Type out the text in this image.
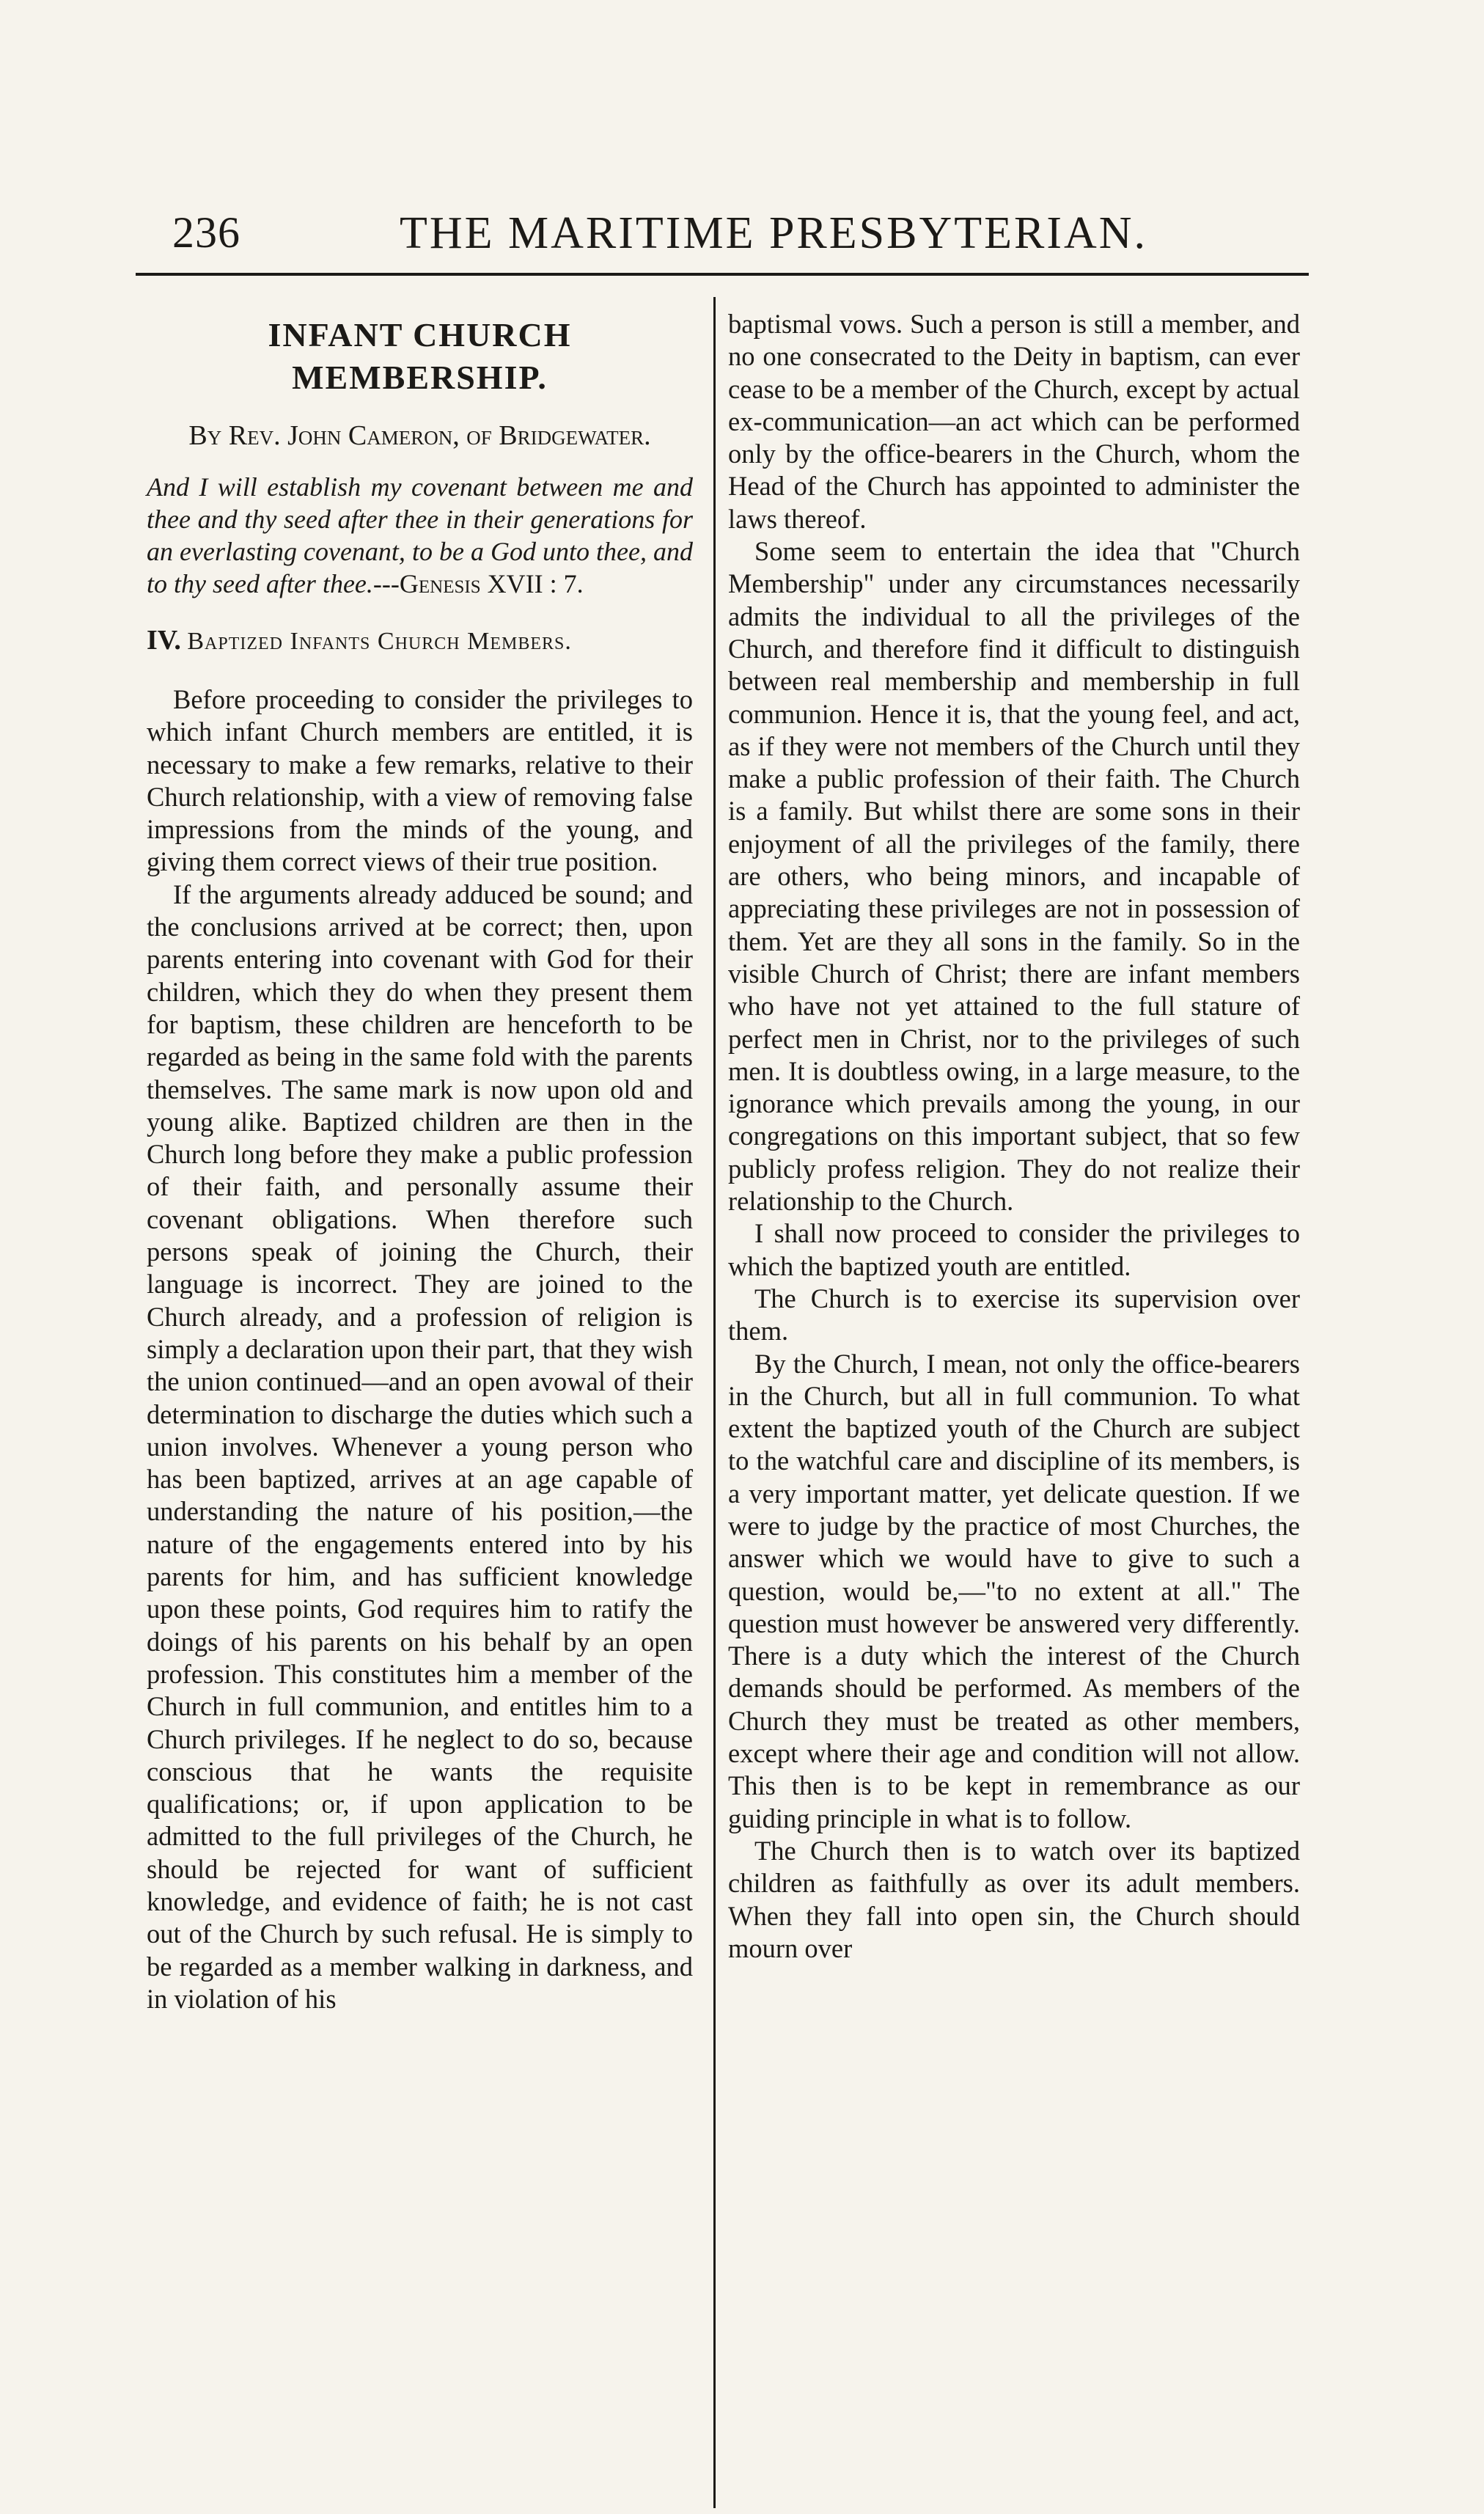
236	THE MARITIME PRESBYTERIAN.
INFANT CHURCH MEMBERSHIP.
By Rev. John Cameron, of Bridgewater.
And I will establish my covenant between me and thee and thy seed after thee in their generations for an everlasting covenant, to be a God unto thee, and to thy seed after thee.---Genesis XVII : 7.
IV. Baptized Infants Church Members.

Before proceeding to consider the privileges to which infant Church members are entitled, it is necessary to make a few remarks, relative to their Church relationship, with a view of removing false impressions from the minds of the young, and giving them correct views of their true position.

If the arguments already adduced be sound; and the conclusions arrived at be correct; then, upon parents entering into covenant with God for their children, which they do when they present them for baptism, these children are henceforth to be regarded as being in the same fold with the parents themselves. The same mark is now upon old and young alike. Baptized children are then in the Church long before they make a public profession of their faith, and personally assume their covenant obligations. When therefore such persons speak of joining the Church, their language is incorrect. They are joined to the Church already, and a profession of religion is simply a declaration upon their part, that they wish the union continued—and an open avowal of their determination to discharge the duties which such a union involves. Whenever a young person who has been baptized, arrives at an age capable of understanding the nature of his position,—the nature of the engagements entered into by his parents for him, and has sufficient knowledge upon these points, God requires him to ratify the doings of his parents on his behalf by an open profession. This constitutes him a member of the Church in full communion, and entitles him to a Church privileges. If he neglect to do so, because conscious that he wants the requisite qualifications; or, if upon application to be admitted to the full privileges of the Church, he should be rejected for want of sufficient knowledge, and evidence of faith; he is not cast out of the Church by such refusal. He is simply to be regarded as a member walking in darkness, and in violation of his

baptismal vows. Such a person is still a member, and no one consecrated to the Deity in baptism, can ever cease to be a member of the Church, except by actual ex-communication—an act which can be performed only by the office-bearers in the Church, whom the Head of the Church has appointed to administer the laws thereof.

Some seem to entertain the idea that "Church Membership" under any circumstances necessarily admits the individual to all the privileges of the Church, and therefore find it difficult to distinguish between real membership and membership in full communion. Hence it is, that the young feel, and act, as if they were not members of the Church until they make a public profession of their faith. The Church is a family. But whilst there are some sons in their enjoyment of all the privileges of the family, there are others, who being minors, and incapable of appreciating these privileges are not in possession of them. Yet are they all sons in the family. So in the visible Church of Christ; there are infant members who have not yet attained to the full stature of perfect men in Christ, nor to the privileges of such men. It is doubtless owing, in a large measure, to the ignorance which prevails among the young, in our congregations on this important subject, that so few publicly profess religion. They do not realize their relationship to the Church.

I shall now proceed to consider the privileges to which the baptized youth are entitled.

The Church is to exercise its supervision over them.

By the Church, I mean, not only the office-bearers in the Church, but all in full communion. To what extent the baptized youth of the Church are subject to the watchful care and discipline of its members, is a very important matter, yet delicate question. If we were to judge by the practice of most Churches, the answer which we would have to give to such a question, would be,—"to no extent at all." The question must however be answered very differently. There is a duty which the interest of the Church demands should be performed. As members of the Church they must be treated as other members, except where their age and condition will not allow. This then is to be kept in remembrance as our guiding principle in what is to follow.

The Church then is to watch over its baptized children as faithfully as over its adult members. When they fall into open sin, the Church should mourn over
